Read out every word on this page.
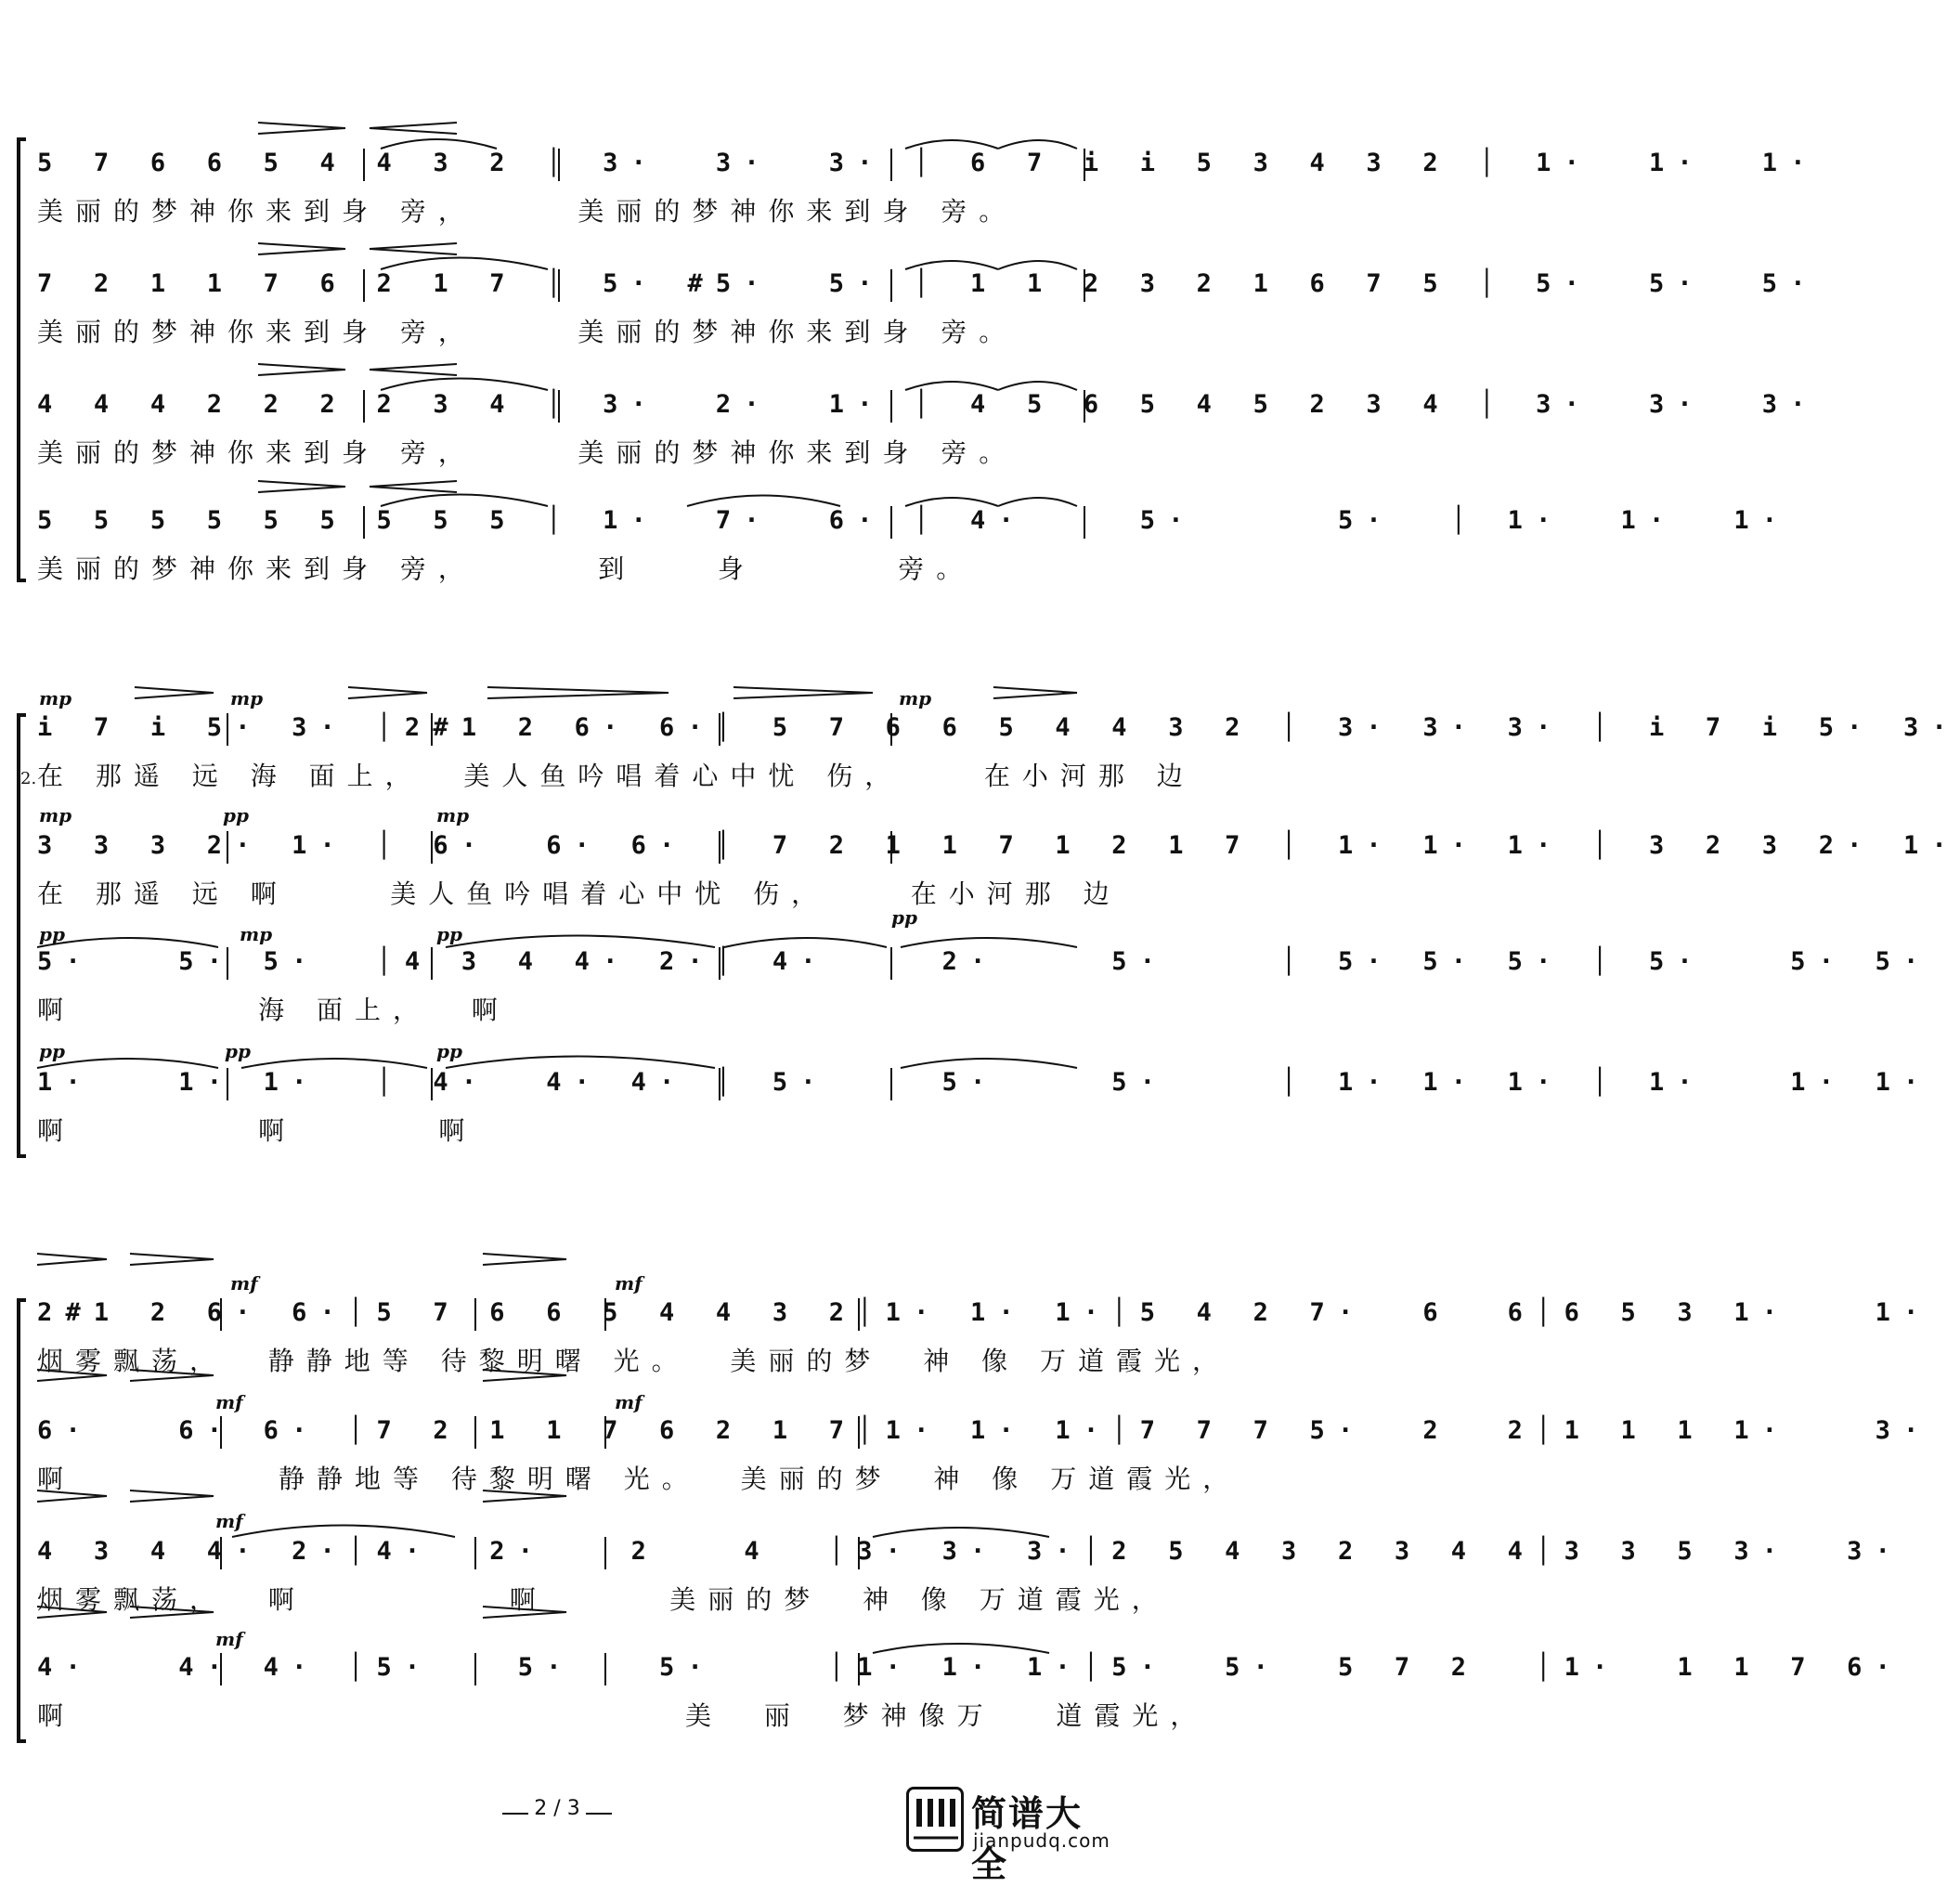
5 7 6 6 5 4 4 3 2 │ 3·  3·  3· │ 6 7 i i 5 3 4 3 2 │ 1·  1·  1·
美丽的梦神你来到身 旁，     美丽的梦神你来到身 旁。
7 2 1 1 7 6 2 1 7 │ 5· #5·  5· │ 1 1 2 3 2 1 6 7 5 │ 5·  5·  5·
美丽的梦神你来到身 旁，     美丽的梦神你来到身 旁。
4 4 4 2 2 2 2 3 4 │ 3·  2·  1· │ 4 5 6 5 4 5 2 3 4 │ 3·  3·  3·
美丽的梦神你来到身 旁，     美丽的梦神你来到身 旁。
5 5 5 5 5 5 5 5 5 │ 1·  7·  6· │ 4·    5·     5·  │ 1·  1·  1·
美丽的梦神你来到身 旁，      到    身       旁。
2.
mp	mp
mp	pp	mp
mp
pp	mp	pp
pp
pp	pp	pp
i 7 i 5· 3· │2#1 2 6· 6·│ 5 7 6 6 5 4 4 3 2 │ 3· 3· 3· │ i 7 i 5· 3·
在 那遥 远 海 面上，  美人鱼吟唱着心中忧 伤，    在小河那 边
3 3 3 2· 1· │ 6·  6· 6· │ 7 2 1 1 7 1 2 1 7 │ 1· 1· 1· │ 3 2 3 2· 1·
在 那遥 远 啊     美人鱼吟唱着心中忧 伤，    在小河那 边
5·   5· 5·  │4 3 4 4· 2·│ 4·    2·    5·    │ 5· 5· 5· │ 5·   5· 5·
啊         海 面上，  啊
1·   1· 1·  │ 4·  4· 4· │ 5·    5·    5·    │ 1· 1· 1· │ 1·   1· 1·
啊         啊       啊
mf	mf
mf	mf
mf
mf
2#1 2 6· 6·│5 7 6 6 5 4 4 3 2│1· 1· 1·│5 4 2 7·  6  6│6 5 3 1·   1·
烟雾飘荡，  静静地等 待黎明曙 光。  美丽的梦  神 像 万道霞光，
6·   6· 6· │7 2 1 1 7 6 2 1 7│1· 1· 1·│7 7 7 5·  2  2│1 1 1 1·   3·
啊          静静地等 待黎明曙 光。  美丽的梦  神 像 万道霞光，
4 3 4 4· 2·│4·  2·   2   4  │3· 3· 3·│2 5 4 3 2 3 4 4│3 3 5 3·  3·
烟雾飘荡，  啊          啊      美丽的梦  神 像 万道霞光，
4·   4· 4· │5·   5·   5·    │1· 1· 1·│5·  5·  5 7 2  │1·  1 1 7 6·
啊                              美  丽  梦神像万   道霞光，
2 / 3	简谱大全
jianpudq.com
